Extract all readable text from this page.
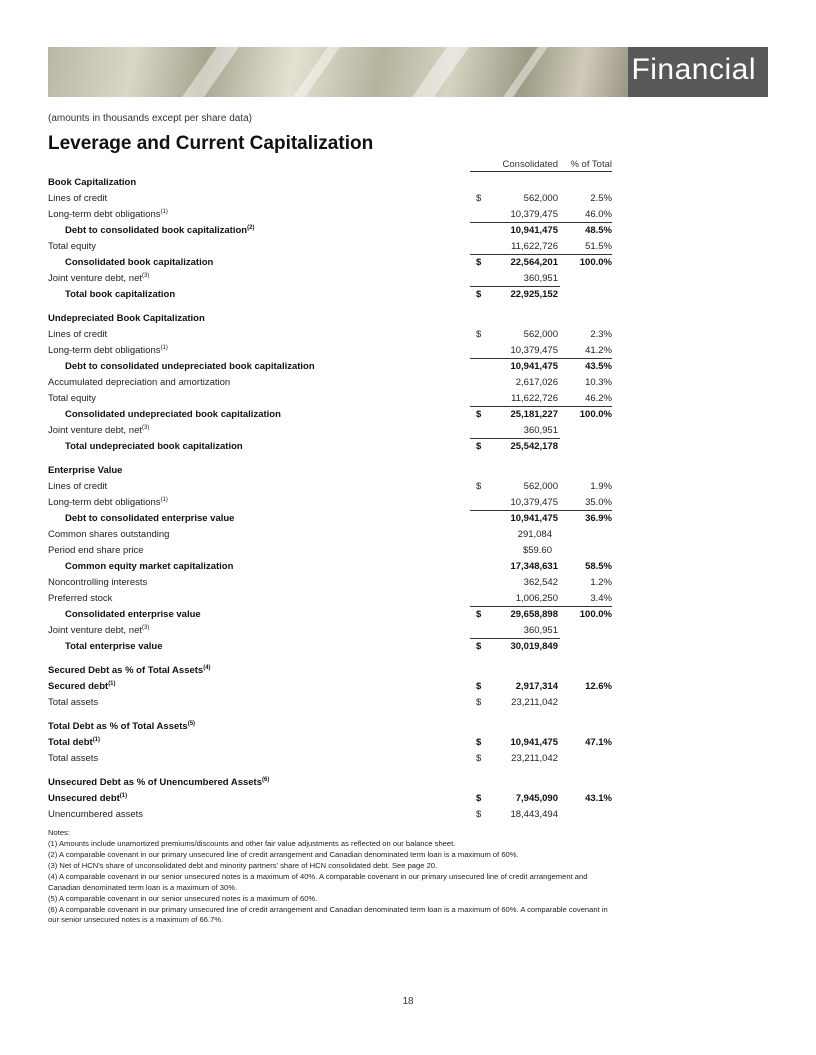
Financial
(amounts in thousands except per share data)
Leverage and Current Capitalization
Consolidated	% of Total
Book Capitalization
Lines of credit	$	562,000	2.5%
Long-term debt obligations$^{(1)}$	10,379,475	46.0%
Debt to consolidated book capitalization$^{(2)}$	10,941,475	48.5%
Total equity	11,622,726	51.5%
Consolidated book capitalization	$	22,564,201	100.0%
Joint venture debt, net$^{(3)}$	360,951
Total book capitalization	$	22,925,152
Undepreciated Book Capitalization
Lines of credit	$	562,000	2.3%
Long-term debt obligations$^{(1)}$	10,379,475	41.2%
Debt to consolidated undepreciated book capitalization	10,941,475	43.5%
Accumulated depreciation and amortization	2,617,026	10.3%
Total equity	11,622,726	46.2%
Consolidated undepreciated book capitalization	$	25,181,227	100.0%
Joint venture debt, net$^{(3)}$	360,951
Total undepreciated book capitalization	$	25,542,178
Enterprise Value
Lines of credit	$	562,000	1.9%
Long-term debt obligations$^{(1)}$	10,379,475	35.0%
Debt to consolidated enterprise value	10,941,475	36.9%
Common shares outstanding	291,084
Period end share price	$59.60
Common equity market capitalization	17,348,631	58.5%
Noncontrolling interests	362,542	1.2%
Preferred stock	1,006,250	3.4%
Consolidated enterprise value	$	29,658,898	100.0%
Joint venture debt, net$^{(3)}$	360,951
Total enterprise value	$	30,019,849
Secured Debt as % of Total Assets$^{(4)}$
Secured debt$^{(1)}$	$	2,917,314	12.6%
Total assets	$	23,211,042
Total Debt as % of Total Assets$^{(5)}$
Total debt$^{(1)}$	$	10,941,475	47.1%
Total assets	$	23,211,042
Unsecured Debt as % of Unencumbered Assets$^{(6)}$
Unsecured debt$^{(1)}$	$	7,945,090	43.1%
Unencumbered assets	$	18,443,494

Notes:

(1) Amounts include unamortized premiums/discounts and other fair value adjustments as reflected on our balance sheet.

(2) A comparable covenant in our primary unsecured line of credit arrangement and Canadian denominated term loan is a maximum of 60%.

(3) Net of HCN's share of unconsolidated debt and minority partners' share of HCN consolidated debt. See page 20.

(4) A comparable covenant in our senior unsecured notes is a maximum of 40%. A comparable covenant in our primary unsecured line of credit arrangement and Canadian denominated term loan is a maximum of 30%.

(5) A comparable covenant in our senior unsecured notes is a maximum of 60%.

(6) A comparable covenant in our primary unsecured line of credit arrangement and Canadian denominated term loan is a maximum of 60%. A comparable covenant in our senior unsecured notes is a maximum of 66.7%.

18
